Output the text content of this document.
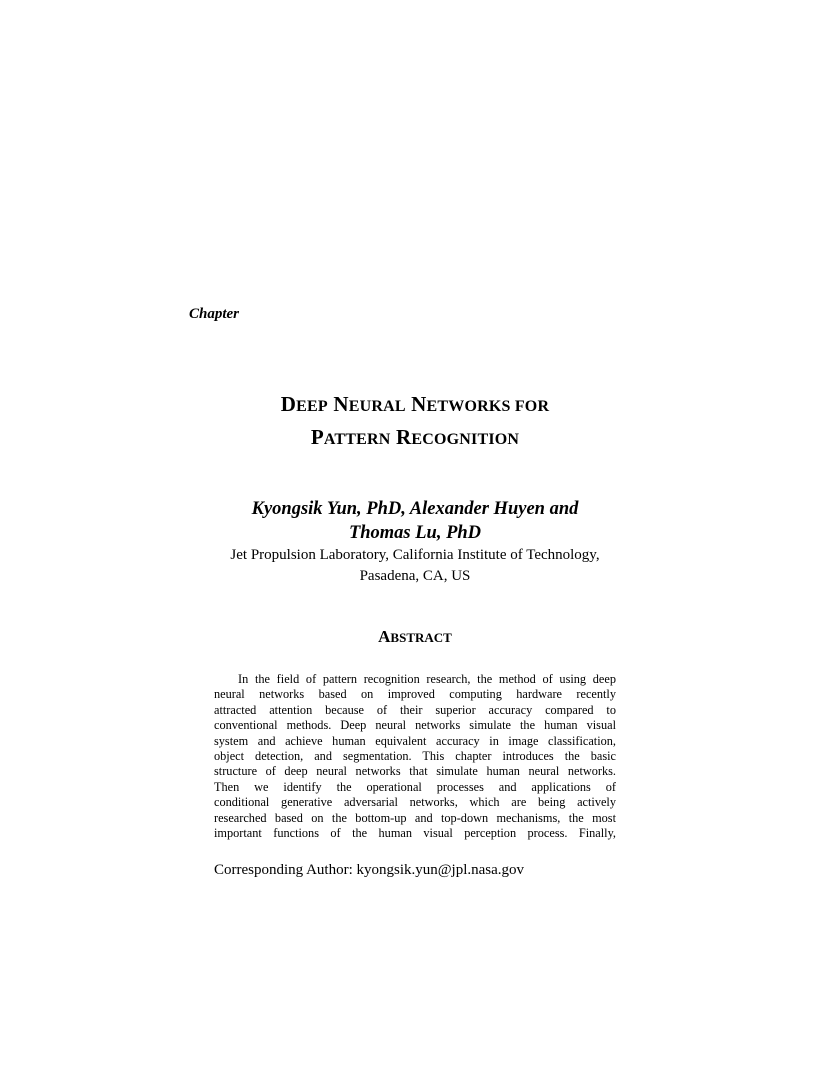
Chapter
DEEP NEURAL NETWORKS FOR
PATTERN RECOGNITION
Kyongsik Yun, PhD, Alexander Huyen and
Thomas Lu, PhD
Jet Propulsion Laboratory, California Institute of Technology,
Pasadena, CA, US
ABSTRACT
In the field of pattern recognition research, the method of using deep
neural networks based on improved computing hardware recently
attracted attention because of their superior accuracy compared to
conventional methods. Deep neural networks simulate the human visual
system and achieve human equivalent accuracy in image classification,
object detection, and segmentation. This chapter introduces the basic
structure of deep neural networks that simulate human neural networks.
Then we identify the operational processes and applications of
conditional generative adversarial networks, which are being actively
researched based on the bottom-up and top-down mechanisms, the most
important functions of the human visual perception process. Finally,
Corresponding Author: kyongsik.yun@jpl.nasa.gov
